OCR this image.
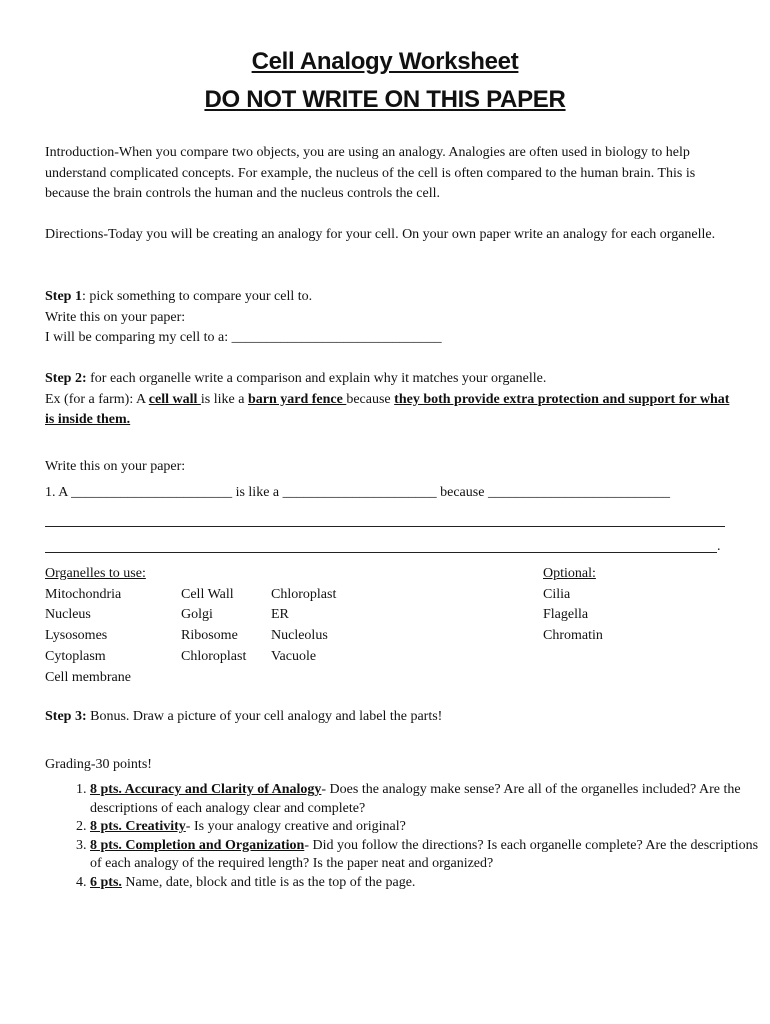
Cell Analogy Worksheet
DO NOT WRITE ON THIS PAPER
Introduction-When you compare two objects, you are using an analogy. Analogies are often used in biology to help understand complicated concepts. For example, the nucleus of the cell is often compared to the human brain. This is because the brain controls the human and the nucleus controls the cell.
Directions-Today you will be creating an analogy for your cell. On your own paper write an analogy for each organelle.
Step 1: pick something to compare your cell to.
Write this on your paper:
I will be comparing my cell to a: ______________________________
Step 2: for each organelle write a comparison and explain why it matches your organelle.
Ex (for a farm): A cell wall is like a barn yard fence because they both provide extra protection and support for what is inside them.
Write this on your paper:
1. A _______________________ is like a ______________________ because __________________________
.
Organelles to use:
Mitochondria
Nucleus
Lysosomes
Cytoplasm
Cell membrane
Cell Wall
Golgi
Ribosome
Chloroplast
Chloroplast
ER
Nucleolus
Vacuole
Optional:
Cilia
Flagella
Chromatin
Step 3: Bonus. Draw a picture of your cell analogy and label the parts!
Grading-30 points!
1. 8 pts. Accuracy and Clarity of Analogy- Does the analogy make sense? Are all of the organelles included? Are the descriptions of each analogy clear and complete?
2. 8 pts. Creativity- Is your analogy creative and original?
3. 8 pts. Completion and Organization- Did you follow the directions? Is each organelle complete? Are the descriptions of each analogy of the required length? Is the paper neat and organized?
4. 6 pts. Name, date, block and title is as the top of the page.
